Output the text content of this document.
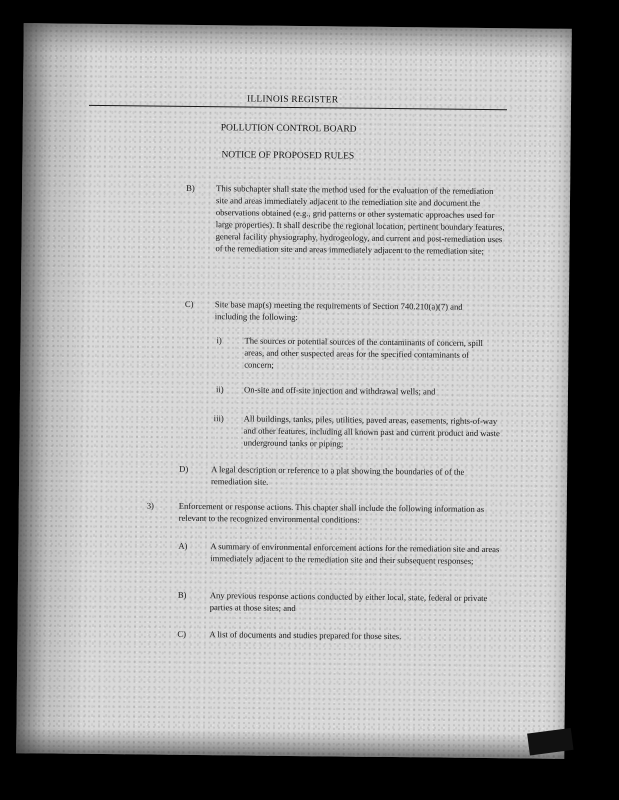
ILLINOIS REGISTER
POLLUTION CONTROL BOARD
NOTICE OF PROPOSED RULES
B) This subchapter shall state the method used for the evaluation of the remediation site and areas immediately adjacent to the remediation site and document the observations obtained (e.g., grid patterns or other systematic approaches used for large properties). It shall describe the regional location, pertinent boundary features, general facility physiography, hydrogeology, and current and post-remediation uses of the remediation site and areas immediately adjacent to the remediation site;

C) Site base map(s) meeting the requirements of Section 740.210(a)(7) and including the following:

i)	The sources or potential sources of the contaminants of concern, spill areas, and other suspected areas for the specified contaminants of concern;

ii) On-site and off-site injection and withdrawal wells; and

iii) All buildings, tanks, piles, utilities, paved areas, easements, rights-of-way and other features, including all known past and current product and waste underground tanks or piping;

D)	A legal description or reference to a plat showing the boundaries of of the remediation site.

3)	Enforcement or response actions. This chapter shall include the following information as relevant to the recognized environmental conditions:

A)	A summary of environmental enforcement actions for the remediation site and areas immediately adjacent to the remediation site and their subsequent responses;

B)	Any previous response actions conducted by either local, state, federal or private parties at those sites; and

C)	A list of documents and studies prepared for those sites.
